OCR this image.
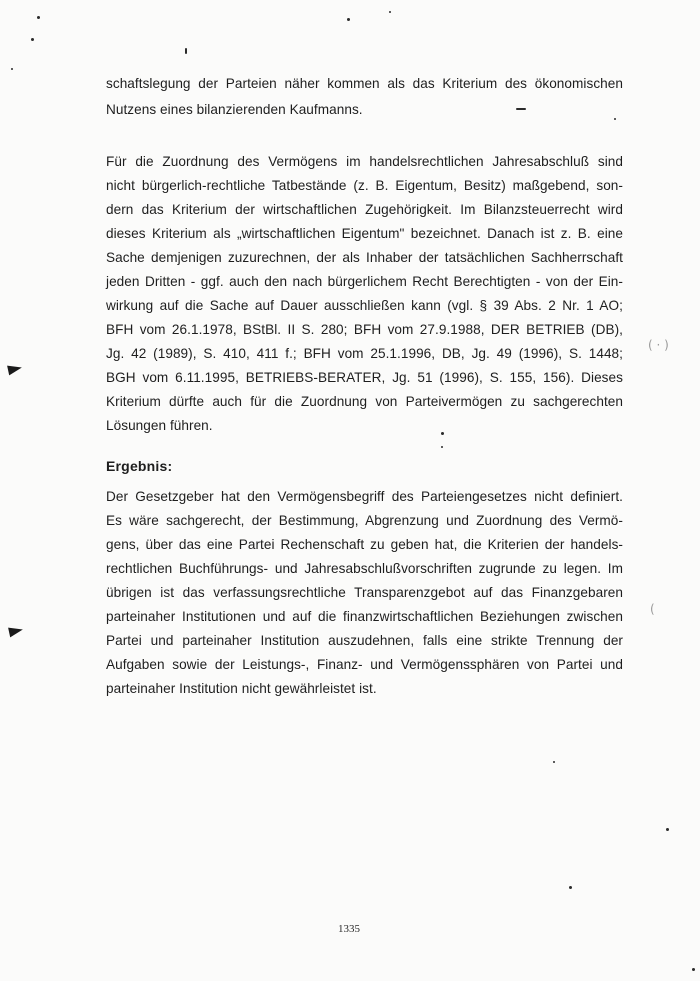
( · )
(
schaftslegung der Parteien näher kommen als das Kriterium des ökonomischen
Nutzens eines bilanzierenden Kaufmanns.
Für die Zuordnung des Vermögens im handelsrechtlichen Jahresabschluß sind
nicht bürgerlich-rechtliche Tatbestände (z. B. Eigentum, Besitz) maßgebend, son-
dern das Kriterium der wirtschaftlichen Zugehörigkeit. Im Bilanzsteuerrecht wird
dieses Kriterium als „wirtschaftlichen Eigentum" bezeichnet. Danach ist z. B. eine
Sache demjenigen zuzurechnen, der als Inhaber der tatsächlichen Sachherrschaft
jeden Dritten - ggf. auch den nach bürgerlichem Recht Berechtigten - von der Ein-
wirkung auf die Sache auf Dauer ausschließen kann (vgl. § 39 Abs. 2 Nr. 1 AO;
BFH vom 26.1.1978, BStBl. II S. 280; BFH vom 27.9.1988, DER BETRIEB (DB),
Jg. 42 (1989), S. 410, 411 f.; BFH vom 25.1.1996, DB, Jg. 49 (1996), S. 1448;
BGH vom 6.11.1995, BETRIEBS-BERATER, Jg. 51 (1996), S. 155, 156). Dieses
Kriterium dürfte auch für die Zuordnung von Parteivermögen zu sachgerechten
Lösungen führen.
Ergebnis:
Der Gesetzgeber hat den Vermögensbegriff des Parteiengesetzes nicht definiert.
Es wäre sachgerecht, der Bestimmung, Abgrenzung und Zuordnung des Vermö-
gens, über das eine Partei Rechenschaft zu geben hat, die Kriterien der handels-
rechtlichen Buchführungs- und Jahresabschlußvorschriften zugrunde zu legen. Im
übrigen ist das verfassungsrechtliche Transparenzgebot auf das Finanzgebaren
parteinaher Institutionen und auf die finanzwirtschaftlichen Beziehungen zwischen
Partei und parteinaher Institution auszudehnen, falls eine strikte Trennung der
Aufgaben sowie der Leistungs-, Finanz- und Vermögenssphären von Partei und
parteinaher Institution nicht gewährleistet ist.
1335
